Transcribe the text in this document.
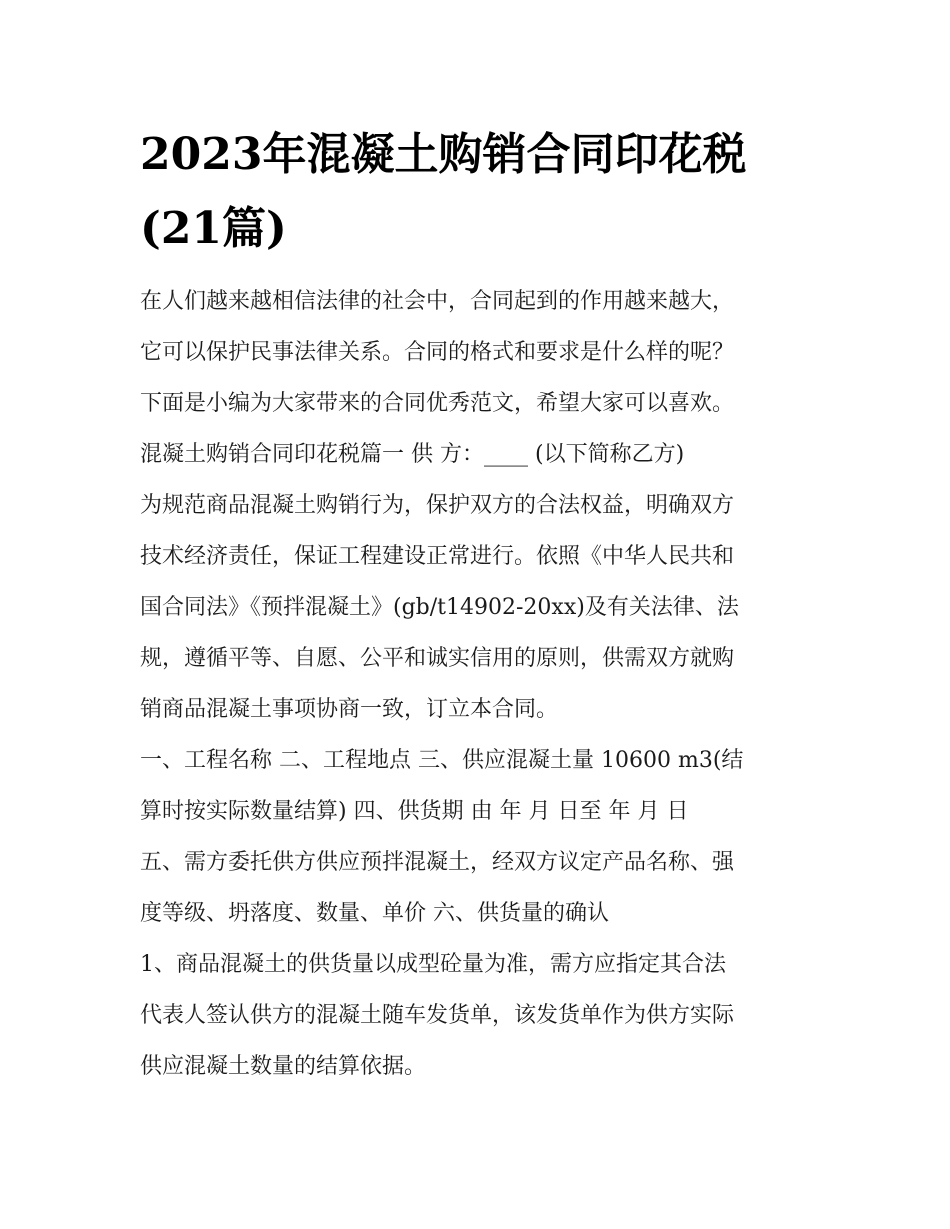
2023年混凝土购销合同印花税
(21篇)
在人们越来越相信法律的社会中，合同起到的作用越来越大，
它可以保护民事法律关系。合同的格式和要求是什么样的呢？
下面是小编为大家带来的合同优秀范文，希望大家可以喜欢。
混凝土购销合同印花税篇一 供 方：____ (以下简称乙方)
为规范商品混凝土购销行为，保护双方的合法权益，明确双方
技术经济责任，保证工程建设正常进行。依照《中华人民共和
国合同法》《预拌混凝土》(gb/t14902-20xx)及有关法律、法
规，遵循平等、自愿、公平和诚实信用的原则，供需双方就购
销商品混凝土事项协商一致，订立本合同。
一、工程名称 二、工程地点 三、供应混凝土量 10600 m3(结
算时按实际数量结算) 四、供货期 由 年 月 日至 年 月 日
五、需方委托供方供应预拌混凝土，经双方议定产品名称、强
度等级、坍落度、数量、单价 六、供货量的确认
1、商品混凝土的供货量以成型砼量为准，需方应指定其合法
代表人签认供方的混凝土随车发货单，该发货单作为供方实际
供应混凝土数量的结算依据。
